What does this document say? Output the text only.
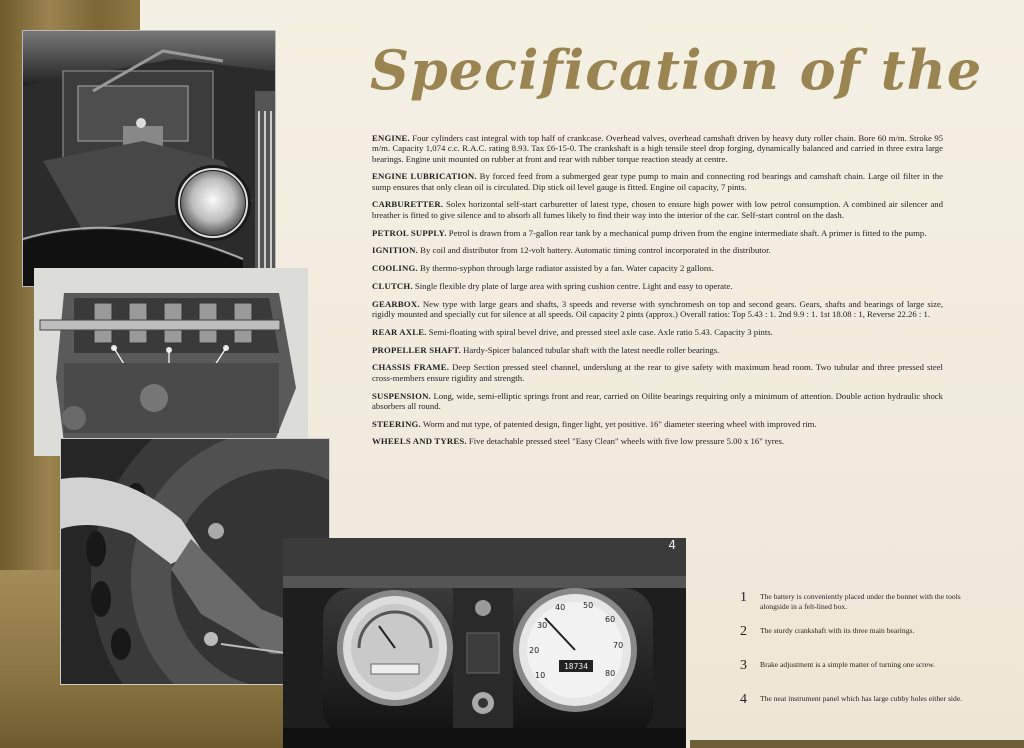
Specification of the
18734
10
20
30
40 50
60
70
80
4

ENGINE. Four cylinders cast integral with top half of crankcase. Overhead valves, overhead camshaft driven by heavy duty roller chain. Bore 60 m/m. Stroke 95 m/m. Capacity 1,074 c.c. R.A.C. rating 8.93. Tax £6-15-0. The crankshaft is a high tensile steel drop forging, dynamically balanced and carried in three extra large bearings. Engine unit mounted on rubber at front and rear with rubber torque reaction steady at centre.

ENGINE LUBRICATION. By forced feed from a submerged gear type pump to main and connecting rod bearings and camshaft chain. Large oil filter in the sump ensures that only clean oil is circulated. Dip stick oil level gauge is fitted. Engine oil capacity, 7 pints.

CARBURETTER. Solex horizontal self-start carburetter of latest type, chosen to ensure high power with low petrol consumption. A combined air silencer and breather is fitted to give silence and to absorb all fumes likely to find their way into the interior of the car. Self-start control on the dash.

PETROL SUPPLY. Petrol is drawn from a 7-gallon rear tank by a mechanical pump driven from the engine intermediate shaft. A primer is fitted to the pump.

IGNITION. By coil and distributor from 12-volt battery. Automatic timing control incorporated in the distributor.

COOLING. By thermo-syphon through large radiator assisted by a fan. Water capacity 2 gallons.

CLUTCH. Single flexible dry plate of large area with spring cushion centre. Light and easy to operate.

GEARBOX. New type with large gears and shafts, 3 speeds and reverse with synchromesh on top and second gears. Gears, shafts and bearings of large size, rigidly mounted and specially cut for silence at all speeds. Oil capacity 2 pints (approx.) Overall ratios: Top 5.43 : 1. 2nd 9.9 : 1. 1st 18.08 : 1, Reverse 22.26 : 1.

REAR AXLE. Semi-floating with spiral bevel drive, and pressed steel axle case. Axle ratio 5.43. Capacity 3 pints.

PROPELLER SHAFT. Hardy-Spicer balanced tubular shaft with the latest needle roller bearings.

CHASSIS FRAME. Deep Section pressed steel channel, underslung at the rear to give safety with maximum head room. Two tubular and three pressed steel cross-members ensure rigidity and strength.

SUSPENSION. Long, wide, semi-elliptic springs front and rear, carried on Oilite bearings requiring only a minimum of attention. Double action hydraulic shock absorbers all round.

STEERING. Worm and nut type, of patented design, finger light, yet positive. 16" diameter steering wheel with improved rim.

WHEELS AND TYRES. Five detachable pressed steel "Easy Clean" wheels with five low pressure 5.00 x 16" tyres.

1 The battery is conveniently placed under the bonnet with the tools alongside in a felt-lined box.
2 The sturdy crankshaft with its three main bearings.
3 Brake adjustment is a simple matter of turning one screw.
4 The neat instrument panel which has large cubby holes either side.
